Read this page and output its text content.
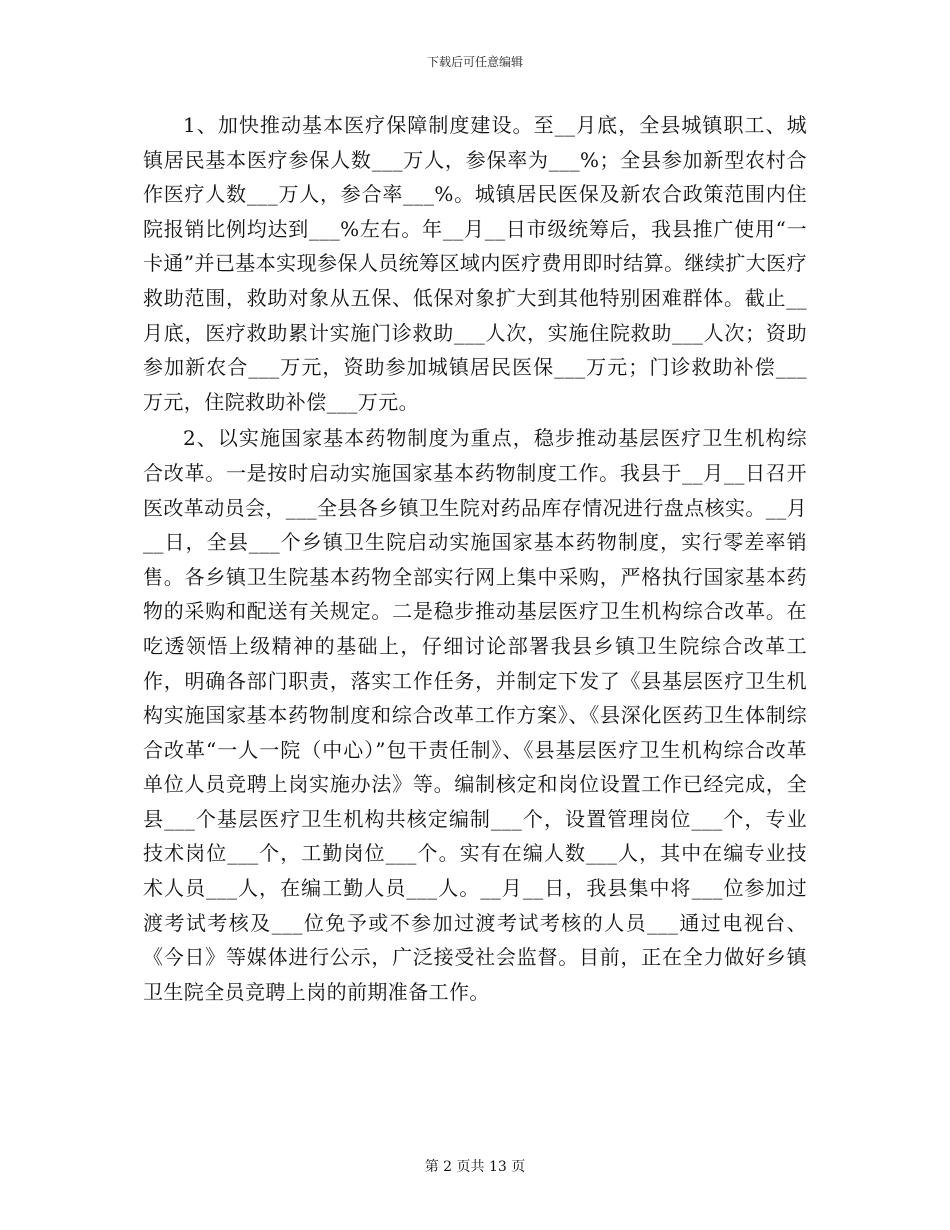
下载后可任意编辑

1、加快推动基本医疗保障制度建设。至__月底，全县城镇职工、城镇居民基本医疗参保人数___万人，参保率为___%；全县参加新型农村合作医疗人数___万人，参合率___%。城镇居民医保及新农合政策范围内住院报销比例均达到___%左右。年__月__日市级统筹后，我县推广使用“一卡通”并已基本实现参保人员统筹区域内医疗费用即时结算。继续扩大医疗救助范围，救助对象从五保、低保对象扩大到其他特别困难群体。截止__月底，医疗救助累计实施门诊救助___人次，实施住院救助___人次；资助参加新农合___万元，资助参加城镇居民医保___万元；门诊救助补偿___万元，住院救助补偿___万元。

2、以实施国家基本药物制度为重点，稳步推动基层医疗卫生机构综合改革。一是按时启动实施国家基本药物制度工作。我县于__月__日召开医改革动员会，___全县各乡镇卫生院对药品库存情况进行盘点核实。__月__日，全县___个乡镇卫生院启动实施国家基本药物制度，实行零差率销售。各乡镇卫生院基本药物全部实行网上集中采购，严格执行国家基本药物的采购和配送有关规定。二是稳步推动基层医疗卫生机构综合改革。在吃透领悟上级精神的基础上，仔细讨论部署我县乡镇卫生院综合改革工作，明确各部门职责，落实工作任务，并制定下发了《县基层医疗卫生机构实施国家基本药物制度和综合改革工作方案》、《县深化医药卫生体制综合改革“一人一院（中心）”包干责任制》、《县基层医疗卫生机构综合改革单位人员竞聘上岗实施办法》等。编制核定和岗位设置工作已经完成，全县___个基层医疗卫生机构共核定编制___个，设置管理岗位___个，专业技术岗位___个，工勤岗位___个。实有在编人数___人，其中在编专业技术人员___人，在编工勤人员___人。__月__日，我县集中将___位参加过渡考试考核及___位免予或不参加过渡考试考核的人员___通过电视台、《今日》等媒体进行公示，广泛接受社会监督。目前，正在全力做好乡镇卫生院全员竞聘上岗的前期准备工作。

第 2 页共 13 页
